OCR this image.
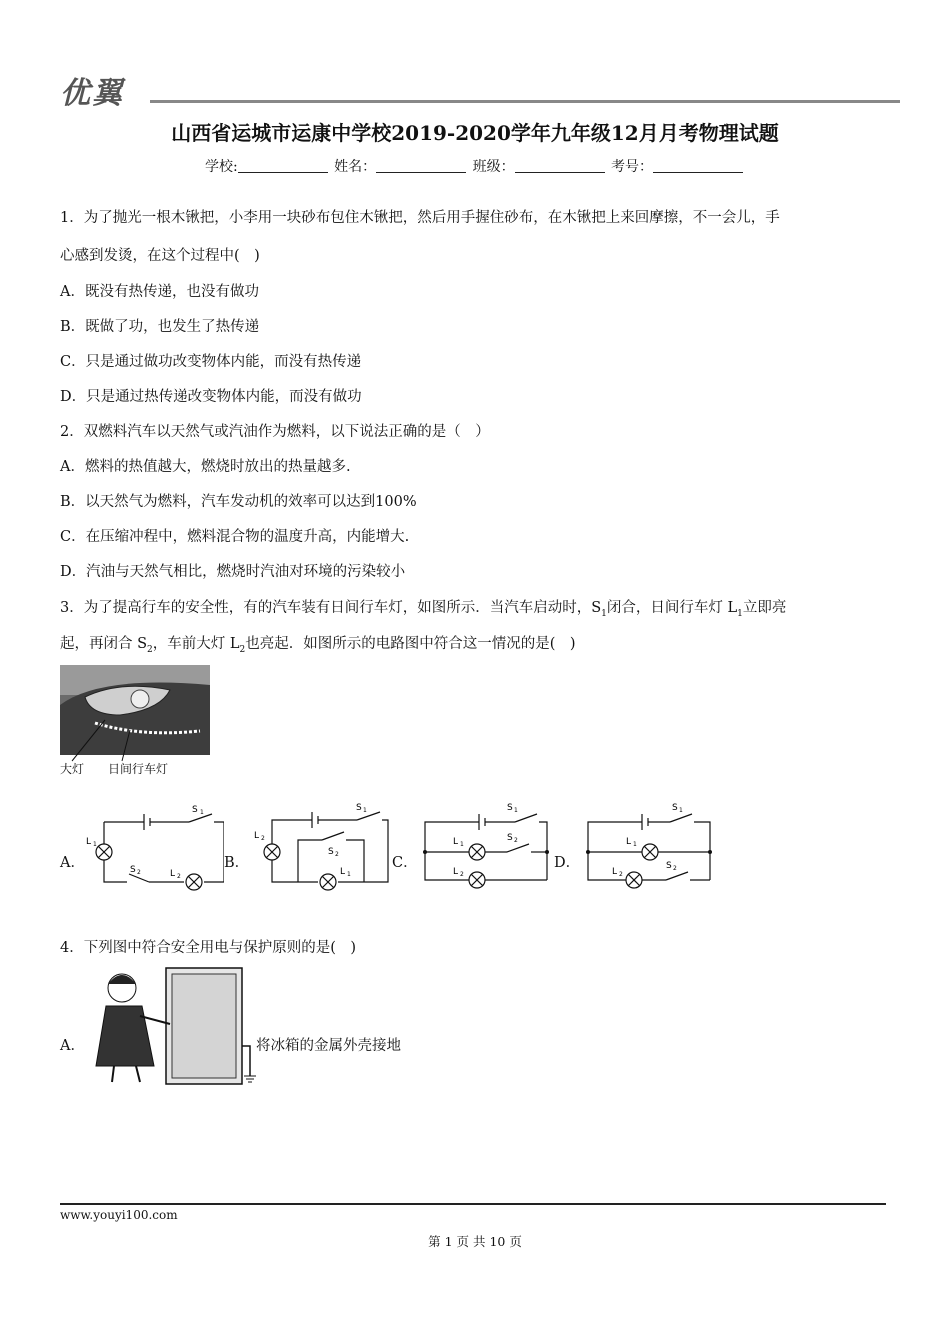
优翼
山西省运城市运康中学校2019-2020学年九年级12月月考物理试题
学校:	姓名：	班级：	考号：
1．为了抛光一根木锹把，小李用一块砂布包住木锹把，然后用手握住砂布，在木锹把上来回摩擦，不一会儿，手
心感到发烫，在这个过程中(　)
A．既没有热传递，也没有做功
B．既做了功，也发生了热传递
C．只是通过做功改变物体内能，而没有热传递
D．只是通过热传递改变物体内能，而没有做功
2．双燃料汽车以天然气或汽油作为燃料，以下说法正确的是（　）
A．燃料的热值越大，燃烧时放出的热量越多.
B．以天然气为燃料，汽车发动机的效率可以达到100%
C．在压缩冲程中，燃料混合物的温度升高，内能增大.
D．汽油与天然气相比，燃烧时汽油对环境的污染较小
3．为了提高行车的安全性，有的汽车装有日间行车灯，如图所示．当汽车启动时，$S_1$闭合，日间行车灯 $L_1$立即亮
起，再闭合 $S_2$，车前大灯 $L_2$也亮起．如图所示的电路图中符合这一情况的是(　)
大灯 日间行车灯
A．
S 1
L 1
S 2	L 2
B．
S 1
L 2
S 2
L 1
C．
S 1
L 1
S 2
L 2
D．
S 1
L 1
L 2
S 2
4．下列图中符合安全用电与保护原则的是(　)
A．	将冰箱的金属外壳接地
www.youyi100.com
第 1 页 共 10 页
